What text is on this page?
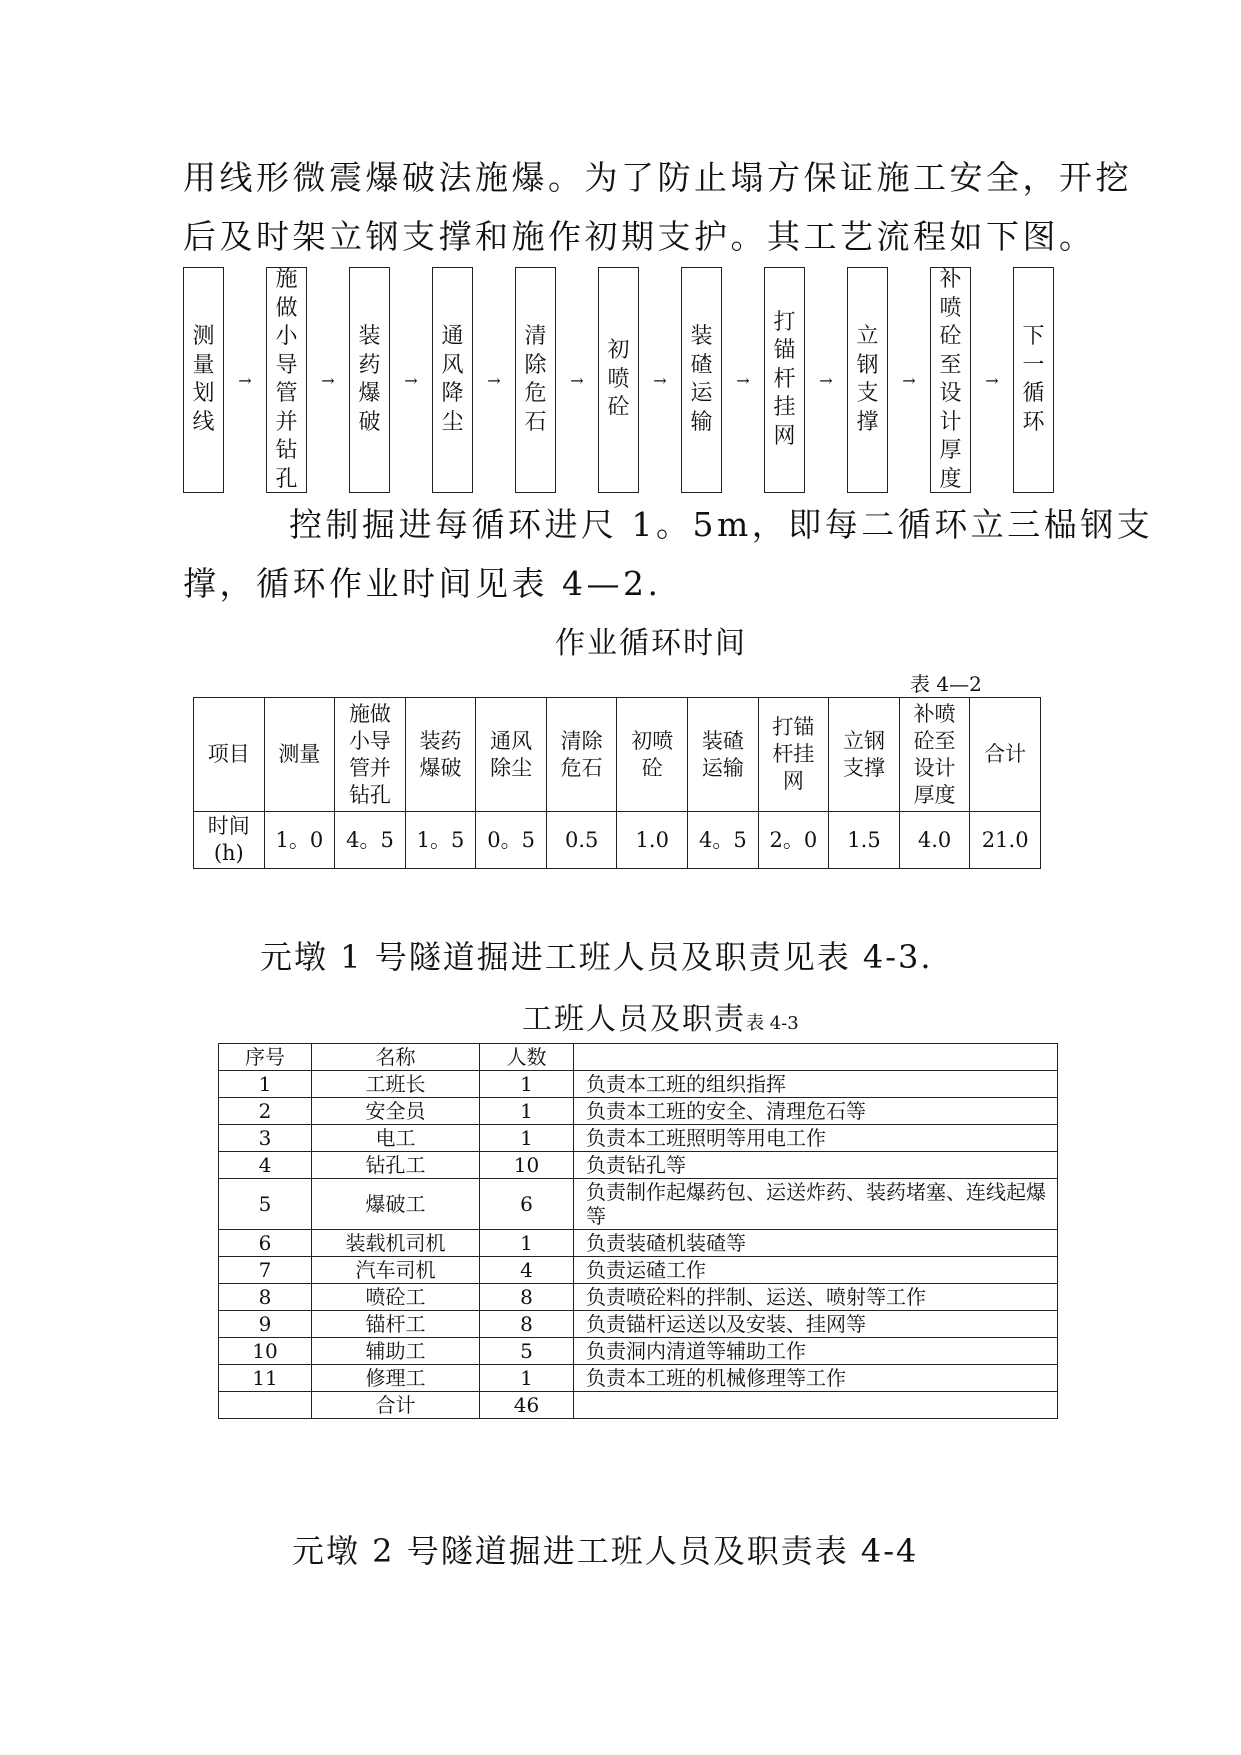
用线形微震爆破法施爆。为了防止塌方保证施工安全，开挖
后及时架立钢支撑和施作初期支护。其工艺流程如下图。

测量划线
→
施做小导管并钻孔
→
装药爆破
→
通风降尘
→
清除危石
→
初喷砼
→
装碴运输
→
打锚杆挂网
→
立钢支撑
→
补喷砼至设计厚度
→
下一循环

控制掘进每循环进尺 1。5m，即每二循环立三榀钢支
撑，循环作业时间见表 4—2.

作业循环时间

表 4—2

项目	测量	施做小导管并钻孔	装药爆破	通风除尘	清除危石	初喷砼	装碴运输	打锚杆挂网	立钢支撑	补喷砼至设计厚度	合计
时间 (h)	1。0	4。5	1。5	0。5	0.5	1.0	4。5	2。0	1.5	4.0	21.0

元墩 1 号隧道掘进工班人员及职责见表 4-3.

工班人员及职责表 4-3

序号	名称	人数	
1	工班长	1	负责本工班的组织指挥
2	安全员	1	负责本工班的安全、清理危石等
3	电工	1	负责本工班照明等用电工作
4	钻孔工	10	负责钻孔等
5	爆破工	6	负责制作起爆药包、运送炸药、装药堵塞、连线起爆等
6	装载机司机	1	负责装碴机装碴等
7	汽车司机	4	负责运碴工作
8	喷砼工	8	负责喷砼料的拌制、运送、喷射等工作
9	锚杆工	8	负责锚杆运送以及安装、挂网等
10	辅助工	5	负责洞内清道等辅助工作
11	修理工	1	负责本工班的机械修理等工作
	合计	46	

元墩 2 号隧道掘进工班人员及职责表 4-4
